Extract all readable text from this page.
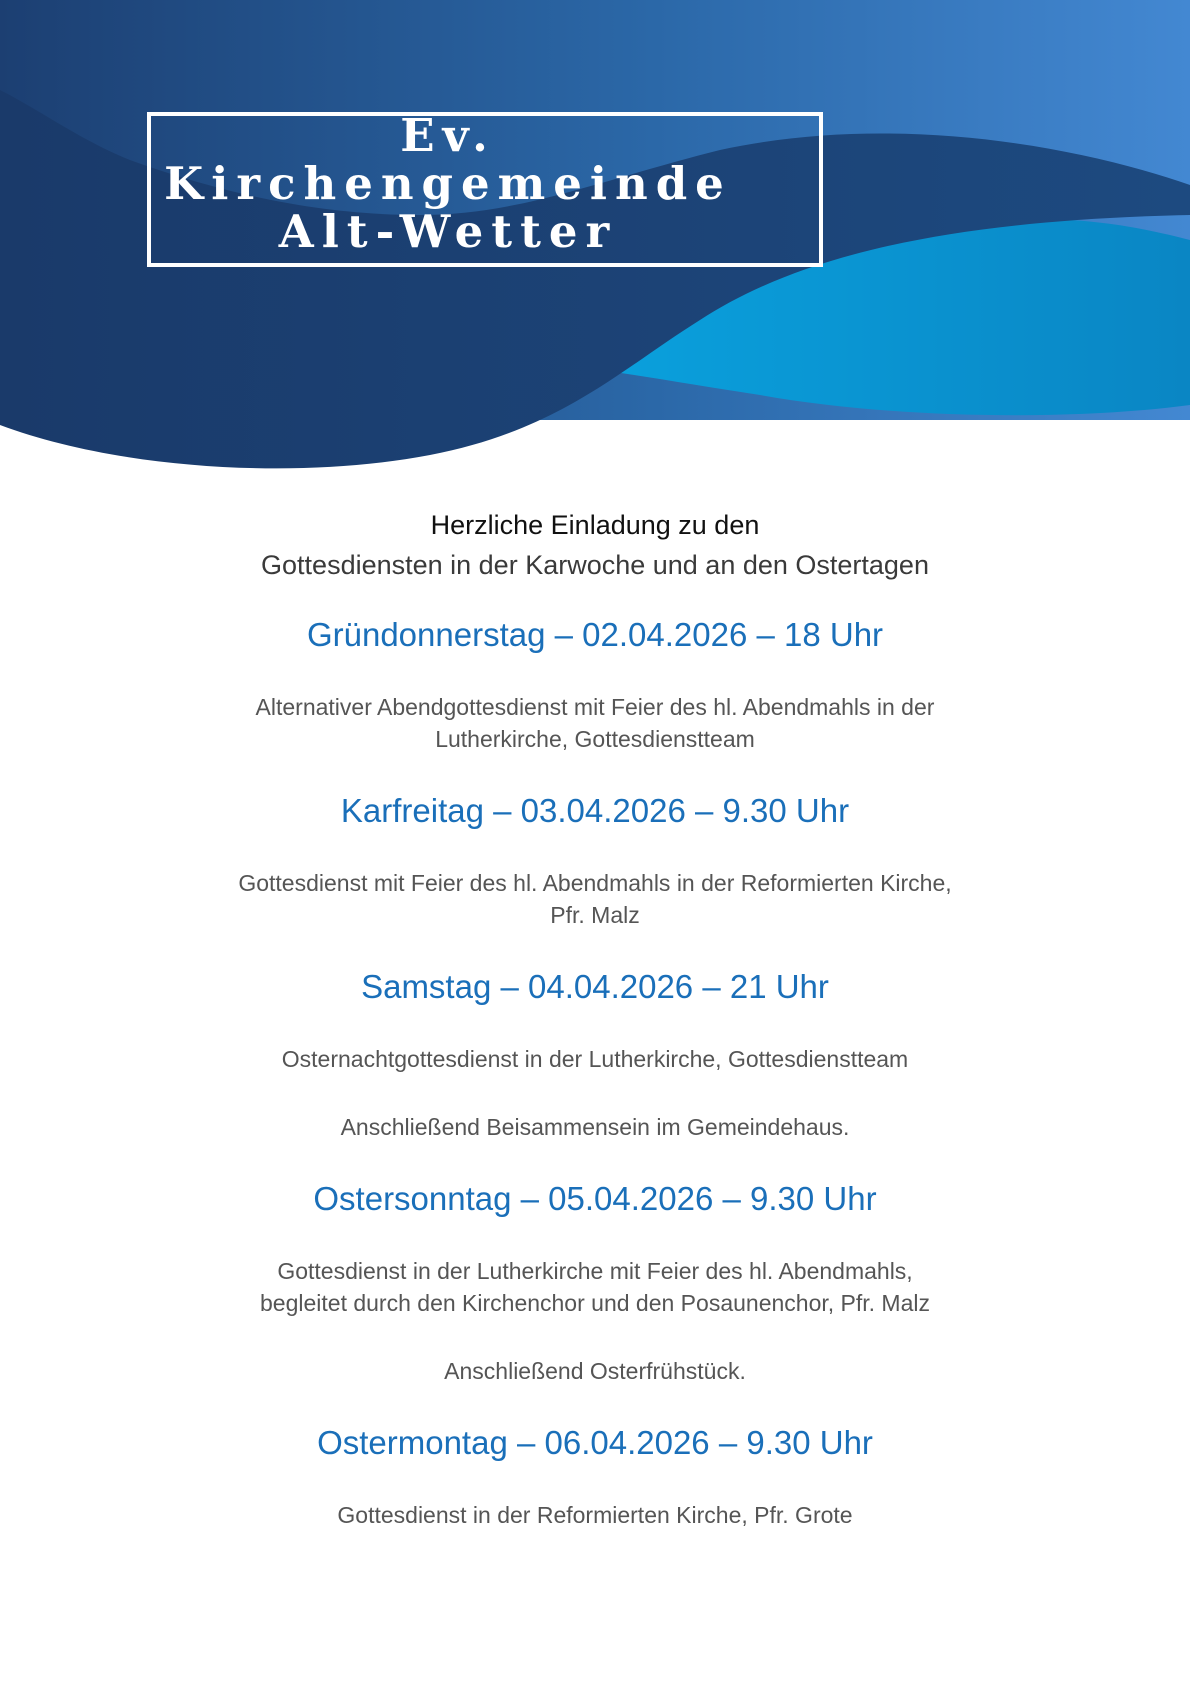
Ev.
Kirchengemeinde
Alt-Wetter

Herzliche Einladung zu den

Gottesdiensten in der Karwoche und an den Ostertagen

Gründonnerstag – 02.04.2026 – 18 Uhr

Alternativer Abendgottesdienst mit Feier des hl. Abendmahls in der

Lutherkirche, Gottesdienstteam

Karfreitag – 03.04.2026 – 9.30 Uhr

Gottesdienst mit Feier des hl. Abendmahls in der Reformierten Kirche,

Pfr. Malz

Samstag – 04.04.2026 – 21 Uhr

Osternachtgottesdienst in der Lutherkirche, Gottesdienstteam

Anschließend Beisammensein im Gemeindehaus.

Ostersonntag – 05.04.2026 – 9.30 Uhr

Gottesdienst in der Lutherkirche mit Feier des hl. Abendmahls,

begleitet durch den Kirchenchor und den Posaunenchor, Pfr. Malz

Anschließend Osterfrühstück.

Ostermontag – 06.04.2026 – 9.30 Uhr

Gottesdienst in der Reformierten Kirche, Pfr. Grote
